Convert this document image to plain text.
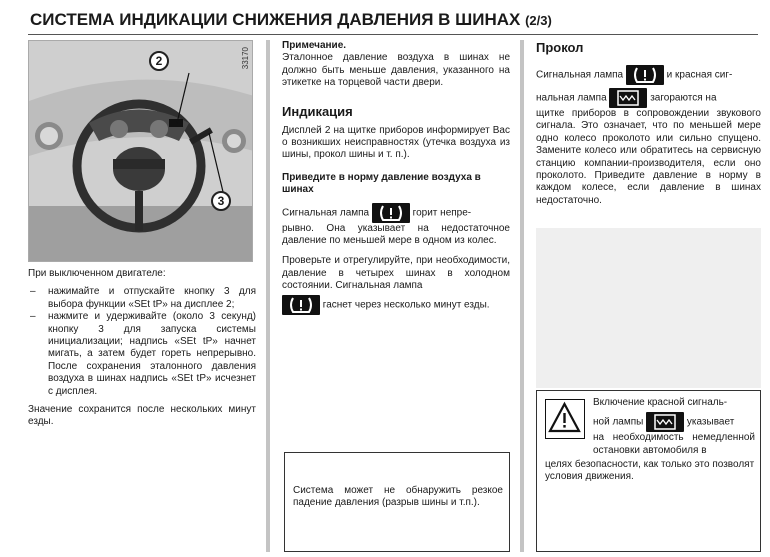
СИСТЕМА ИНДИКАЦИИ СНИЖЕНИЯ ДАВЛЕНИЯ В ШИНАХ (2/3)
33170
2
3

При выключенном двигателе:

– нажимайте и отпускайте кнопку 3 для выбора функции «SEt tP» на дисплее 2;
– нажмите и удерживайте (около 3 секунд) кнопку 3 для запуска системы инициализации; надпись «SEt tP» начнет мигать, а затем будет гореть непрерывно. После сохранения эталонного давления воздуха в шинах надпись «SEt tP» исчезнет с дисплея.

Значение сохранится после нескольких минут езды.

Примечание.

Эталонное давление воздуха в шинах не должно быть меньше давления, указанного на этикетке на торцевой части двери.

Индикация

Дисплей 2 на щитке приборов информирует Вас о возникших неисправностях (утечка воздуха из шины, прокол шины и т. п.).

Приведите в норму давление воздуха в шинах

Сигнальная лампа	горит непре-

рывно. Она указывает на недостаточное давление по меньшей мере в одном из колес.

Проверьте и отрегулируйте, при необходимости, давление в четырех шинах в холодном состоянии. Сигнальная лампа

гаснет через несколько минут езды.

Система может не обнаружить резкое падение давления (разрыв шины и т.п.).

Прокол

Сигнальная лампа	и красная сиг-

нальная лампа	загораются на

щитке приборов в сопровождении звукового сигнала. Это означает, что по меньшей мере одно колесо проколото или сильно спущено. Замените колесо или обратитесь на сервисную станцию компании-производителя, если оно проколото. Приведите давление в норму в каждом колесе, если давление в шинах недостаточно.

Включение красной сигналь-

ной лампы	указывает

на необходимость немедленной остановки автомобиля в

целях безопасности, как только это позволят условия движения.
